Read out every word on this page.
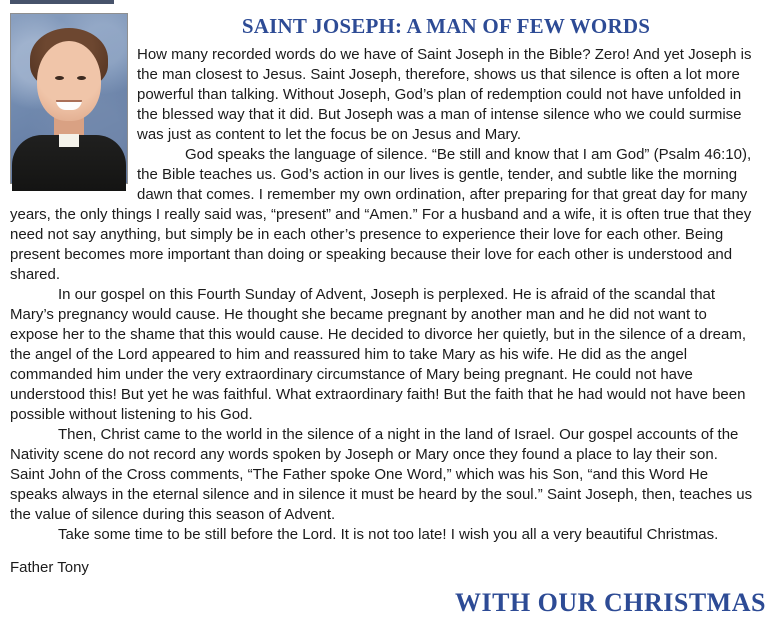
SAINT JOSEPH: A MAN OF FEW WORDS

How many recorded words do we have of Saint Joseph in the Bible? Zero! And yet Joseph is the man closest to Jesus. Saint Joseph, therefore, shows us that silence is often a lot more powerful than talking. Without Joseph, God’s plan of redemption could not have unfolded in the blessed way that it did. But Joseph was a man of intense silence who we could surmise was just as content to let the focus be on Jesus and Mary.

God speaks the language of silence. “Be still and know that I am God” (Psalm 46:10), the Bible teaches us. God’s action in our lives is gentle, tender, and subtle like the morning dawn that comes. I remember my own ordination, after preparing for that great day for many years, the only things I really said was, “present” and “Amen.” For a husband and a wife, it is often true that they need not say anything, but simply be in each other’s presence to experience their love for each other. Being present becomes more important than doing or speaking because their love for each other is understood and shared.

In our gospel on this Fourth Sunday of Advent, Joseph is perplexed. He is afraid of the scandal that Mary’s pregnancy would cause. He thought she became pregnant by another man and he did not want to expose her to the shame that this would cause. He decided to divorce her quietly, but in the silence of a dream, the angel of the Lord appeared to him and reassured him to take Mary as his wife. He did as the angel commanded him under the very extraordinary circumstance of Mary being pregnant. He could not have understood this! But yet he was faithful. What extraordinary faith! But the faith that he had would not have been possible without listening to his God.

Then, Christ came to the world in the silence of a night in the land of Israel. Our gospel accounts of the Nativity scene do not record any words spoken by Joseph or Mary once they found a place to lay their son. Saint John of the Cross comments, “The Father spoke One Word,” which was his Son, “and this Word He speaks always in the eternal silence and in silence it must be heard by the soul.” Saint Joseph, then, teaches us the value of silence during this season of Advent.

Take some time to be still before the Lord. It is not too late! I wish you all a very beautiful Christmas.

Father Tony
WITH OUR CHRISTMAS
